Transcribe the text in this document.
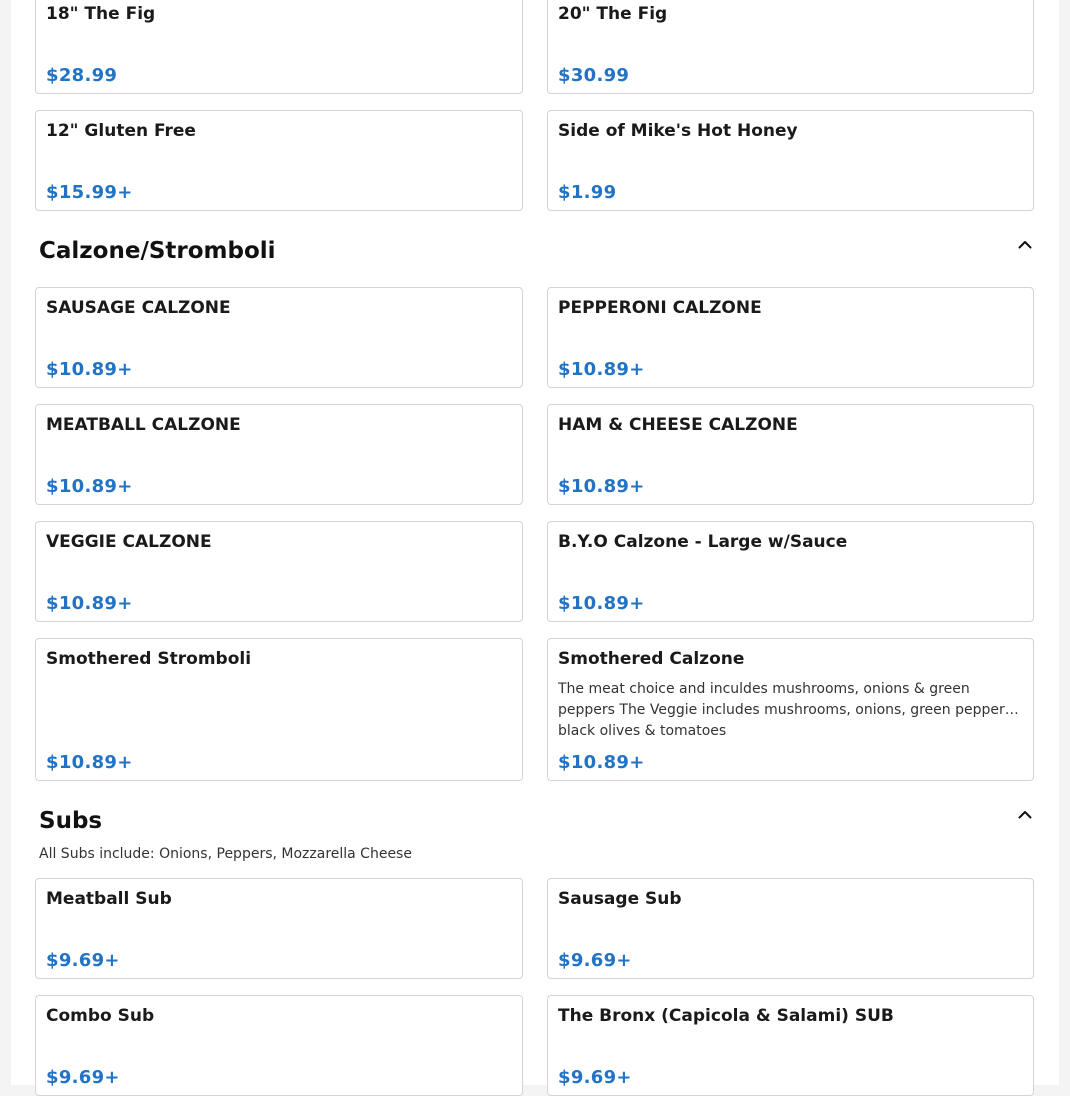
18" The Fig
$28.99
20" The Fig
$30.99
12" Gluten Free
$15.99+
Side of Mike's Hot Honey
$1.99
Calzone/Stromboli
SAUSAGE CALZONE
$10.89+
PEPPERONI CALZONE
$10.89+
MEATBALL CALZONE
$10.89+
HAM & CHEESE CALZONE
$10.89+
VEGGIE CALZONE
$10.89+
B.Y.O Calzone - Large w/Sauce
$10.89+
Smothered Stromboli
$10.89+
Smothered Calzone
The meat choice and inculdes mushrooms, onions & green peppers The Veggie includes mushrooms, onions, green peppers, black olives & tomatoes
$10.89+
Subs

All Subs include: Onions, Peppers, Mozzarella Cheese

Meatball Sub
$9.69+
Sausage Sub
$9.69+
Combo Sub
$9.69+
The Bronx (Capicola & Salami) SUB
$9.69+
